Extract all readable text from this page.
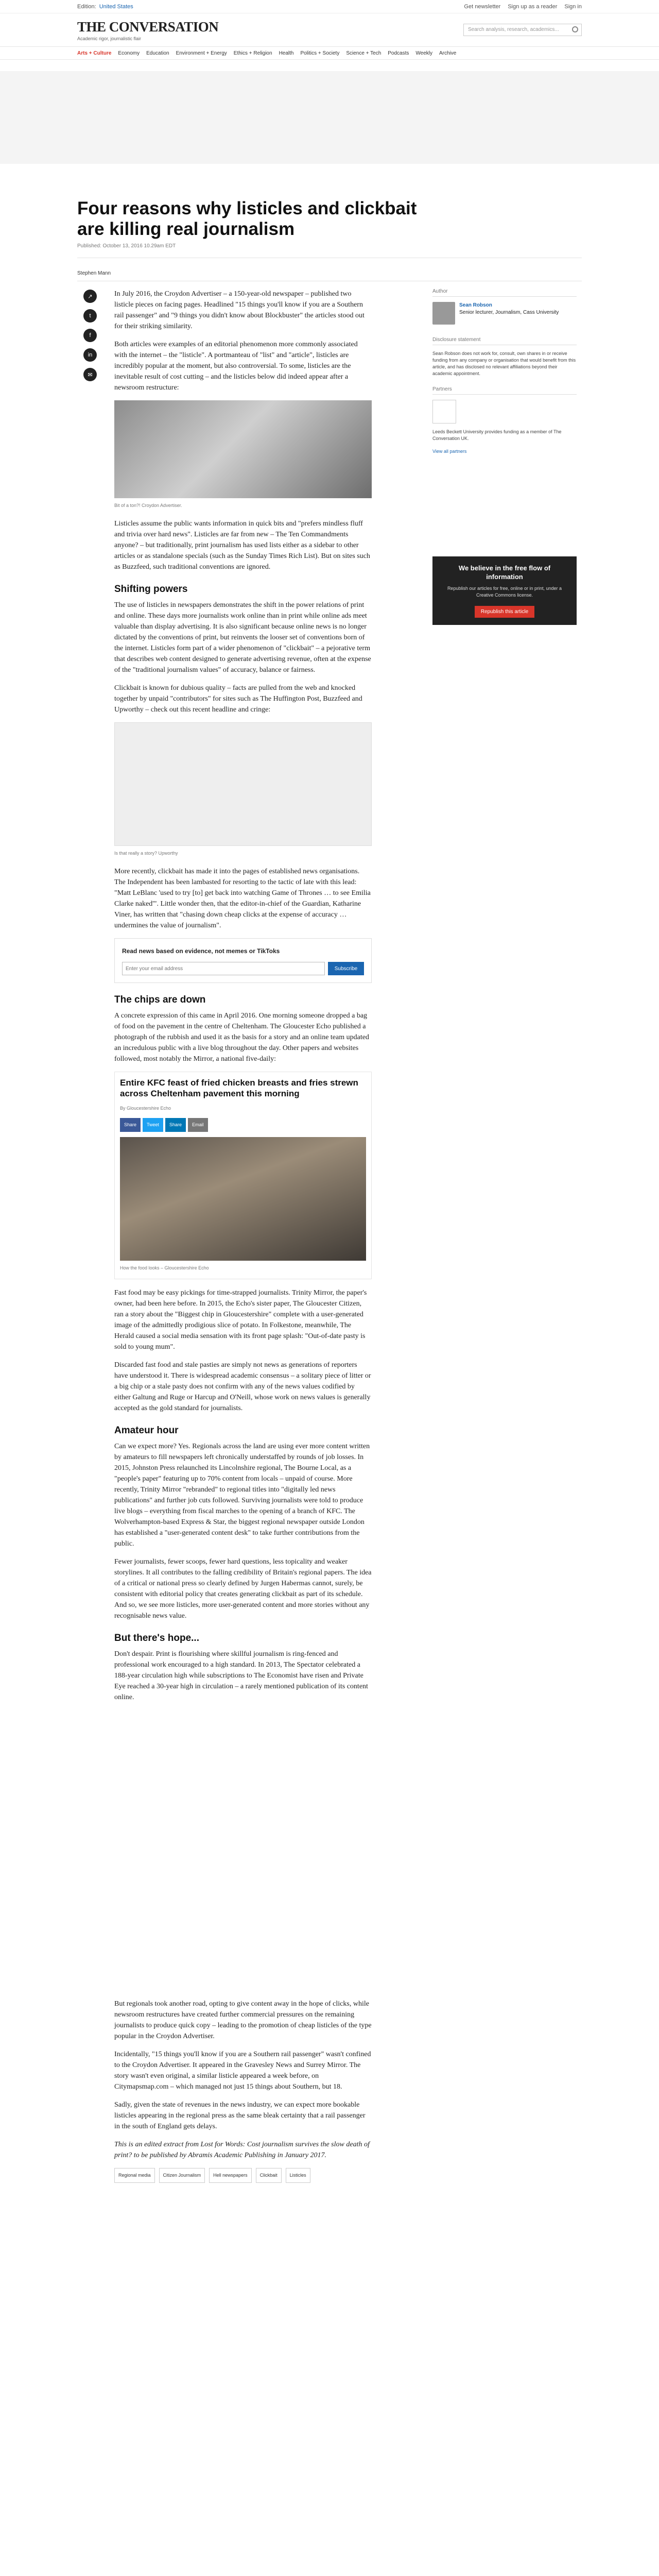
Edition: United States	Get newsletter Sign up as a reader Sign in
THE CONVERSATION
Academic rigor, journalistic flair
Search analysis, research, academics...
Arts + Culture Economy Education Environment + Energy Ethics + Religion Health Politics + Society Science + Tech Podcasts Weekly Archive
Four reasons why listicles and clickbait are killing real journalism
Published: October 13, 2016 10.29am EDT
Stephen Mann
↗
t
f
in
✉

In July 2016, the Croydon Advertiser – a 150-year-old newspaper – published two listicle pieces on facing pages. Headlined "15 things you'll know if you are a Southern rail passenger" and "9 things you didn't know about Blockbuster" the articles stood out for their striking similarity.

Both articles were examples of an editorial phenomenon more commonly associated with the internet – the "listicle". A portmanteau of "list" and "article", listicles are incredibly popular at the moment, but also controversial. To some, listicles are the inevitable result of cost cutting – and the listicles below did indeed appear after a newsroom restructure:

Bit of a ton?! Croydon Advertiser.

Listicles assume the public wants information in quick bits and "prefers mindless fluff and trivia over hard news". Listicles are far from new – The Ten Commandments anyone? – but traditionally, print journalism has used lists either as a sidebar to other articles or as standalone specials (such as the Sunday Times Rich List). But on sites such as Buzzfeed, such traditional conventions are ignored.

Shifting powers

The use of listicles in newspapers demonstrates the shift in the power relations of print and online. These days more journalists work online than in print while online ads meet valuable than display advertising. It is also significant because online news is no longer dictated by the conventions of print, but reinvents the looser set of conventions born of the internet. Listicles form part of a wider phenomenon of "clickbait" – a pejorative term that describes web content designed to generate advertising revenue, often at the expense of the "traditional journalism values" of accuracy, balance or fairness.

Clickbait is known for dubious quality – facts are pulled from the web and knocked together by unpaid "contributors" for sites such as The Huffington Post, Buzzfeed and Upworthy – check out this recent headline and cringe:

Is that really a story? Upworthy

More recently, clickbait has made it into the pages of established news organisations. The Independent has been lambasted for resorting to the tactic of late with this lead: "Matt LeBlanc 'used to try [to] get back into watching Game of Thrones … to see Emilia Clarke naked'". Little wonder then, that the editor-in-chief of the Guardian, Katharine Viner, has written that "chasing down cheap clicks at the expense of accuracy … undermines the value of journalism".

Read news based on evidence, not memes or TikToks
Enter your email address
Subscribe
The chips are down

A concrete expression of this came in April 2016. One morning someone dropped a bag of food on the pavement in the centre of Cheltenham. The Gloucester Echo published a photograph of the rubbish and used it as the basis for a story and an online team updated an incredulous public with a live blog throughout the day. Other papers and websites followed, most notably the Mirror, a national five-daily:

Entire KFC feast of fried chicken breasts and fries strewn across Cheltenham pavement this morning
By Gloucestershire Echo
Share	Tweet	Share	Email
How the food looks – Gloucestershire Echo

Fast food may be easy pickings for time-strapped journalists. Trinity Mirror, the paper's owner, had been here before. In 2015, the Echo's sister paper, The Gloucester Citizen, ran a story about the "Biggest chip in Gloucestershire" complete with a user-generated image of the admittedly prodigious slice of potato. In Folkestone, meanwhile, The Herald caused a social media sensation with its front page splash: "Out-of-date pasty is sold to young mum".

Discarded fast food and stale pasties are simply not news as generations of reporters have understood it. There is widespread academic consensus – a solitary piece of litter or a big chip or a stale pasty does not confirm with any of the news values codified by either Galtung and Ruge or Harcup and O'Neill, whose work on news values is generally accepted as the gold standard for journalists.

Amateur hour

Can we expect more? Yes. Regionals across the land are using ever more content written by amateurs to fill newspapers left chronically understaffed by rounds of job losses. In 2015, Johnston Press relaunched its Lincolnshire regional, The Bourne Local, as a "people's paper" featuring up to 70% content from locals – unpaid of course. More recently, Trinity Mirror "rebranded" to regional titles into "digitally led news publications" and further job cuts followed. Surviving journalists were told to produce live blogs – everything from fiscal marches to the opening of a branch of KFC. The Wolverhampton-based Express & Star, the biggest regional newspaper outside London has established a "user-generated content desk" to take further contributions from the public.

Fewer journalists, fewer scoops, fewer hard questions, less topicality and weaker storylines. It all contributes to the falling credibility of Britain's regional papers. The idea of a critical or national press so clearly defined by Jurgen Habermas cannot, surely, be consistent with editorial policy that creates generating clickbait as part of its schedule. And so, we see more listicles, more user-generated content and more stories without any recognisable news value.

But there's hope...

Don't despair. Print is flourishing where skillful journalism is ring-fenced and professional work encouraged to a high standard. In 2013, The Spectator celebrated a 188-year circulation high while subscriptions to The Economist have risen and Private Eye reached a 30-year high in circulation – a rarely mentioned publication of its content online.

But regionals took another road, opting to give content away in the hope of clicks, while newsroom restructures have created further commercial pressures on the remaining journalists to produce quick copy – leading to the promotion of cheap listicles of the type popular in the Croydon Advertiser.

Incidentally, "15 things you'll know if you are a Southern rail passenger" wasn't confined to the Croydon Advertiser. It appeared in the Gravesley News and Surrey Mirror. The story wasn't even original, a similar listicle appeared a week before, on Citymapsmap.com – which managed not just 15 things about Southern, but 18.

Sadly, given the state of revenues in the news industry, we can expect more bookable listicles appearing in the regional press as the same bleak certainty that a rail passenger in the south of England gets delays.

This is an edited extract from Lost for Words: Cost journalism survives the slow death of print? to be published by Abramis Academic Publishing in January 2017.

Regional media	Citizen Journalism	Hell newspapers	Clickbait	Listicles
Author
Sean Robson
Senior lecturer, Journalism, Cass University
Disclosure statement

Sean Robson does not work for, consult, own shares in or receive funding from any company or organisation that would benefit from this article, and has disclosed no relevant affiliations beyond their academic appointment.

Partners

Leeds Beckett University provides funding as a member of The Conversation UK.

View all partners
We believe in the free flow of information

Republish our articles for free, online or in print, under a Creative Commons license.

Republish this article
